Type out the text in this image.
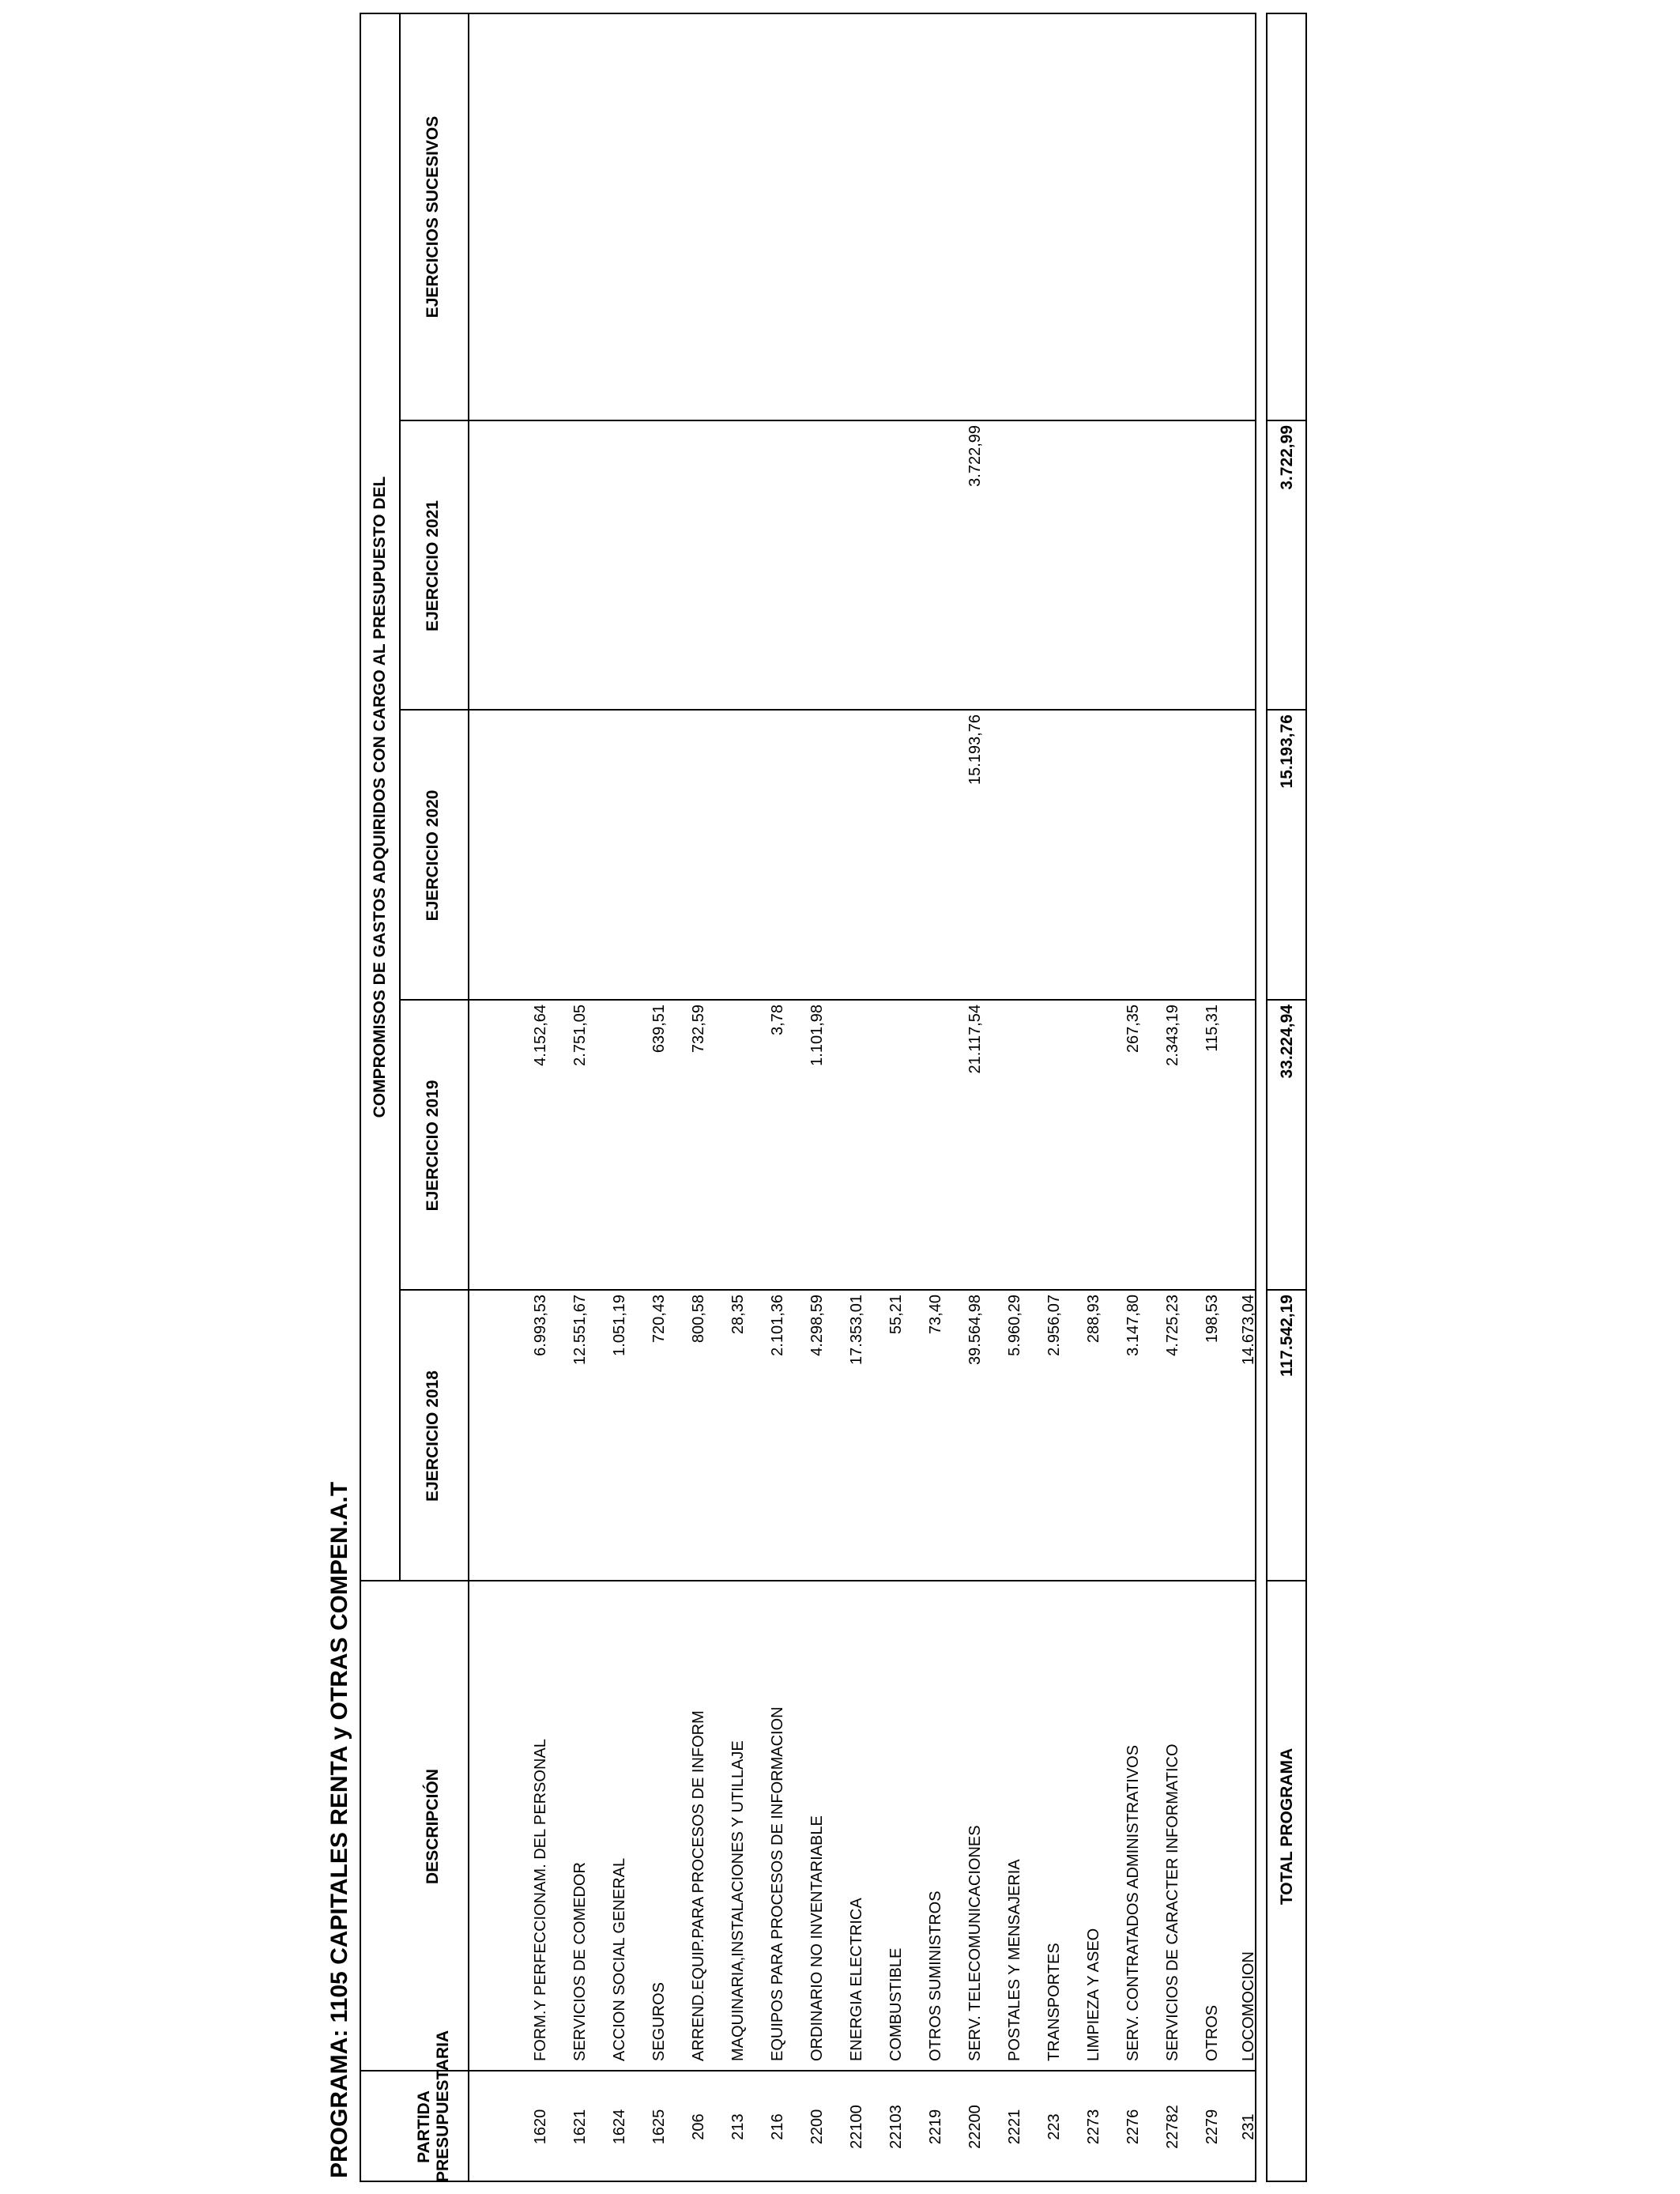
PROGRAMA: 1105 CAPITALES RENTA y OTRAS COMPEN.A.T	PARTIDA
PRESUPUESTARIA
DESCRIPCIÓN
COMPROMISOS DE GASTOS ADQUIRIDOS CON CARGO AL PRESUPUESTO DEL
EJERCICIO 2018
EJERCICIO 2019
EJERCICIO 2020
EJERCICIO 2021
EJERCICIOS SUCESIVOS
1620
FORM.Y PERFECCIONAM. DEL PERSONAL
6.993,53
4.152,64
1621
SERVICIOS DE COMEDOR
12.551,67
2.751,05
1624
ACCION SOCIAL GENERAL
1.051,19
1625
SEGUROS
720,43
639,51
206
ARREND.EQUIP.PARA PROCESOS DE INFORM
800,58
732,59
213
MAQUINARIA,INSTALACIONES Y UTILLAJE
28,35
216
EQUIPOS PARA PROCESOS DE INFORMACION
2.101,36
3,78
2200
ORDINARIO NO INVENTARIABLE
4.298,59
1.101,98
22100
ENERGIA ELECTRICA
17.353,01
22103
COMBUSTIBLE
55,21
2219
OTROS SUMINISTROS
73,40
22200
SERV. TELECOMUNICACIONES
39.564,98
21.117,54
15.193,76
3.722,99
2221
POSTALES Y MENSAJERIA
5.960,29
223
TRANSPORTES
2.956,07
2273
LIMPIEZA Y ASEO
288,93
2276
SERV. CONTRATADOS ADMINISTRATIVOS
3.147,80
267,35
22782
SERVICIOS DE CARACTER INFORMATICO
4.725,23
2.343,19
2279
OTROS
198,53
115,31
231
LOCOMOCION
14.673,04
TOTAL PROGRAMA
117.542,19
33.224,94
15.193,76
3.722,99
